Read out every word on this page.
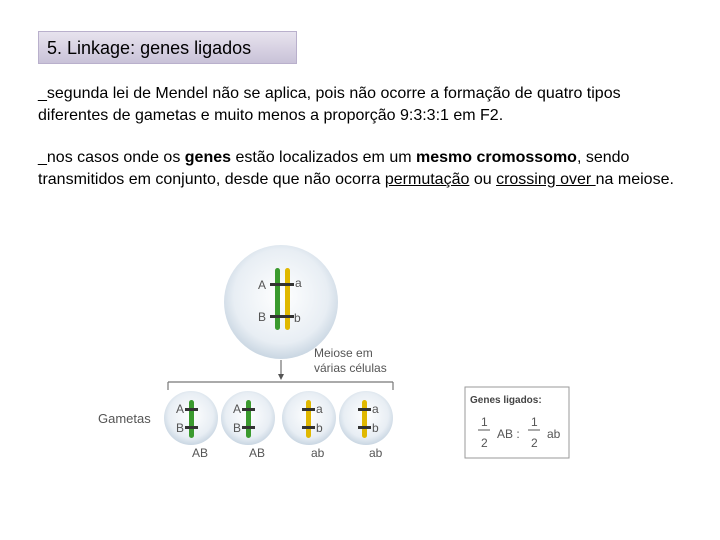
5. Linkage: genes ligados
_segunda lei de Mendel não se aplica, pois não ocorre a formação de quatro tipos diferentes de gametas e muito menos a proporção 9:3:3:1 em F2.
_nos casos onde os genes estão localizados em um mesmo cromossomo, sendo transmitidos em conjunto, desde que não ocorra permutação ou crossing over na meiose.
A a
B b
Meiose em
várias células
Gametas
A
B
AB
A
B
AB
a
b
ab
a
b
ab
Genes ligados:
1
2
AB :
1
2
ab
